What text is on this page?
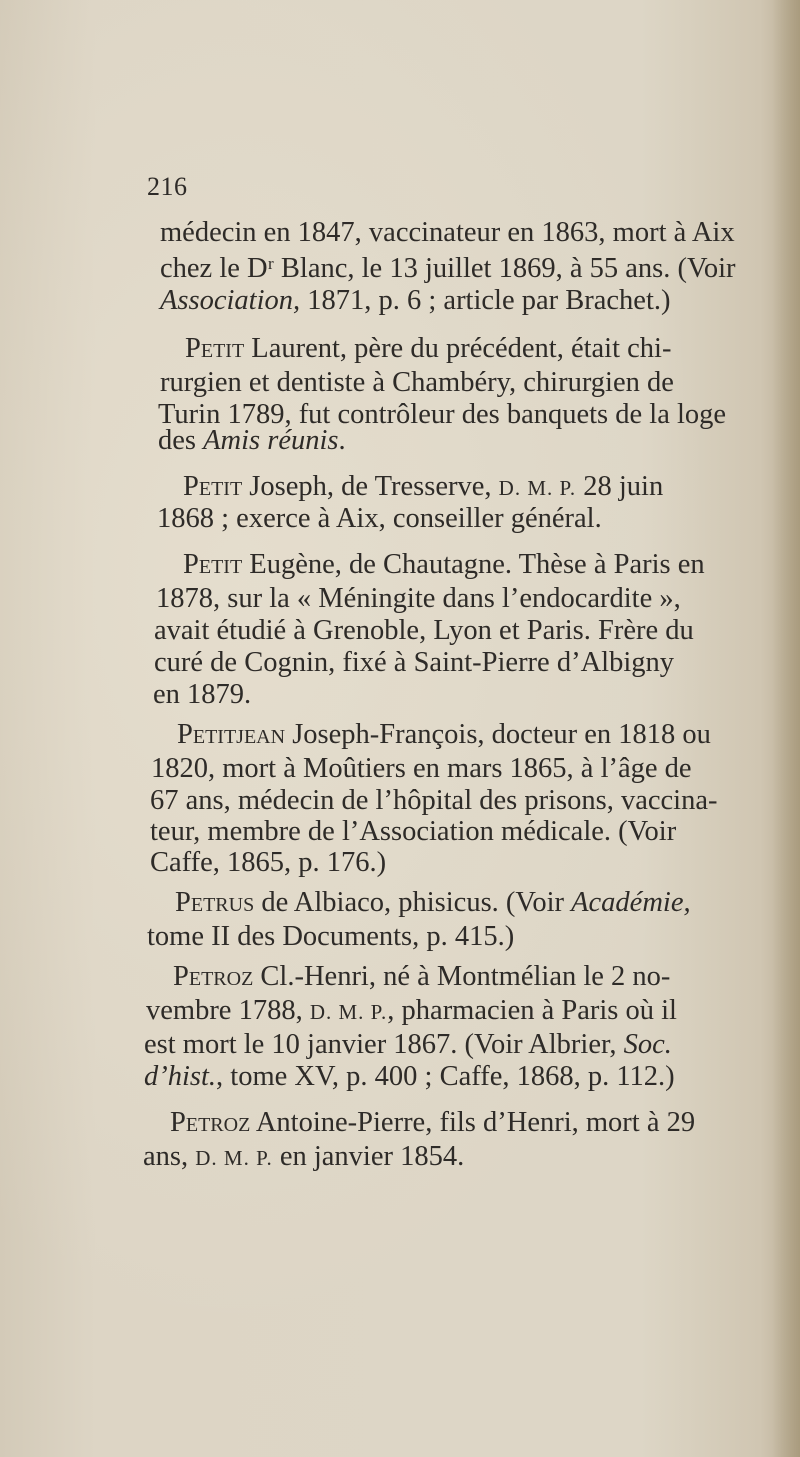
216
médecin en 1847, vaccinateur en 1863, mort à Aix
chez le Dʳ Blanc, le 13 juillet 1869, à 55 ans. (Voir
Association, 1871, p. 6 ; article par Brachet.)
Petit Laurent, père du précédent, était chi-
rurgien et dentiste à Chambéry, chirurgien de
Turin 1789, fut contrôleur des banquets de la loge
des Amis réunis.
Petit Joseph, de Tresserve, D. M. P. 28 juin
1868 ; exerce à Aix, conseiller général.
Petit Eugène, de Chautagne. Thèse à Paris en
1878, sur la « Méningite dans l’endocardite »,
avait étudié à Grenoble, Lyon et Paris. Frère du
curé de Cognin, fixé à Saint-Pierre d’Albigny
en 1879.
Petitjean Joseph-François, docteur en 1818 ou
1820, mort à Moûtiers en mars 1865, à l’âge de
67 ans, médecin de l’hôpital des prisons, vaccina-
teur, membre de l’Association médicale. (Voir
Caffe, 1865, p. 176.)
Petrus de Albiaco, phisicus. (Voir Académie,
tome II des Documents, p. 415.)
Petroz Cl.-Henri, né à Montmélian le 2 no-
vembre 1788, D. M. P., pharmacien à Paris où il
est mort le 10 janvier 1867. (Voir Albrier, Soc.
d’hist., tome XV, p. 400 ; Caffe, 1868, p. 112.)
Petroz Antoine-Pierre, fils d’Henri, mort à 29
ans, D. M. P. en janvier 1854.
